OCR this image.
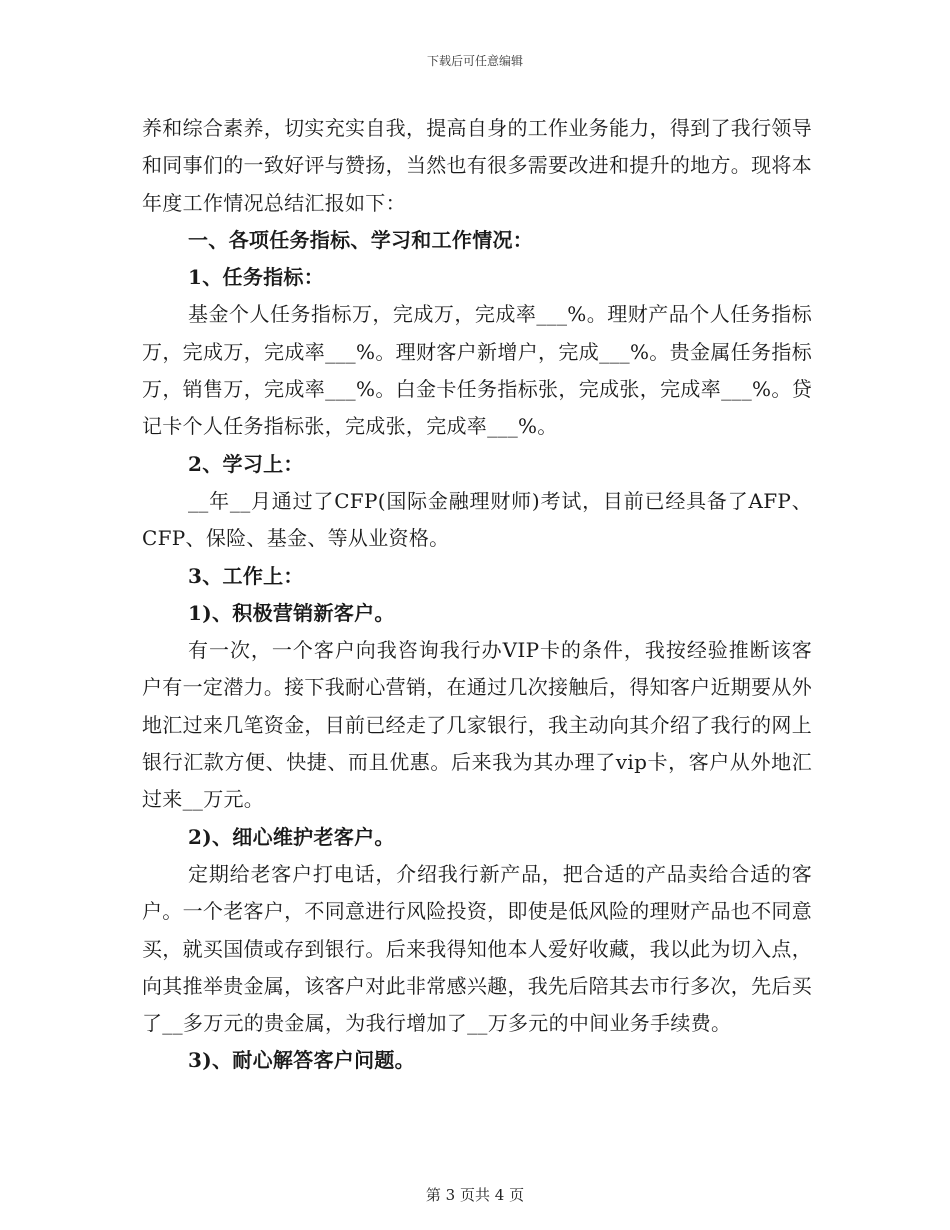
下载后可任意编辑

养和综合素养，切实充实自我，提高自身的工作业务能力，得到了我行领导和同事们的一致好评与赞扬，当然也有很多需要改进和提升的地方。现将本年度工作情况总结汇报如下：

一、各项任务指标、学习和工作情况：

1、任务指标：

基金个人任务指标万，完成万，完成率___%。理财产品个人任务指标万，完成万，完成率___%。理财客户新增户，完成___%。贵金属任务指标万，销售万，完成率___%。白金卡任务指标张，完成张，完成率___%。贷记卡个人任务指标张，完成张，完成率___%。

2、学习上：

__年__月通过了CFP(国际金融理财师)考试，目前已经具备了AFP、CFP、保险、基金、等从业资格。

3、工作上：

1)、积极营销新客户。

有一次，一个客户向我咨询我行办VIP卡的条件，我按经验推断该客户有一定潜力。接下我耐心营销，在通过几次接触后，得知客户近期要从外地汇过来几笔资金，目前已经走了几家银行，我主动向其介绍了我行的网上银行汇款方便、快捷、而且优惠。后来我为其办理了vip卡，客户从外地汇过来__万元。

2)、细心维护老客户。

定期给老客户打电话，介绍我行新产品，把合适的产品卖给合适的客户。一个老客户，不同意进行风险投资，即使是低风险的理财产品也不同意买，就买国债或存到银行。后来我得知他本人爱好收藏，我以此为切入点，向其推举贵金属，该客户对此非常感兴趣，我先后陪其去市行多次，先后买了__多万元的贵金属，为我行增加了__万多元的中间业务手续费。

3)、耐心解答客户问题。

第 3 页共 4 页
